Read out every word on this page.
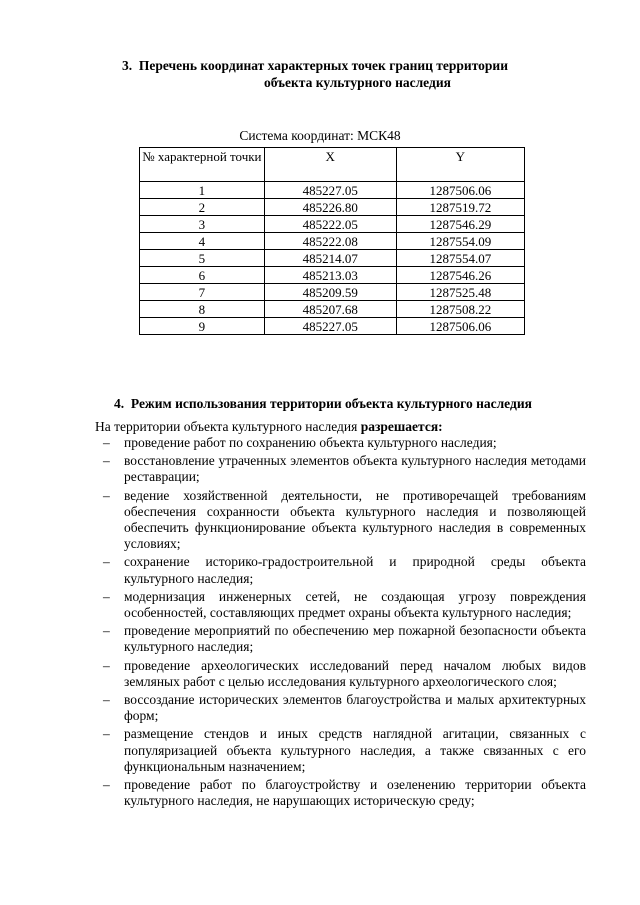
3. Перечень координат характерных точек границ территории
объекта культурного наследия
Система координат: МСК48
№ характерной точки	X	Y
1	485227.05	1287506.06
2	485226.80	1287519.72
3	485222.05	1287546.29
4	485222.08	1287554.09
5	485214.07	1287554.07
6	485213.03	1287546.26
7	485209.59	1287525.48
8	485207.68	1287508.22
9	485227.05	1287506.06
4. Режим использования территории объекта культурного наследия
На территории объекта культурного наследия разрешается:
– проведение работ по сохранению объекта культурного наследия;
– восстановление утраченных элементов объекта культурного наследия методами реставрации;
– ведение хозяйственной деятельности, не противоречащей требованиям обеспечения сохранности объекта культурного наследия и позволяющей обеспечить функционирование объекта культурного наследия в современных условиях;
– сохранение историко-градостроительной и природной среды объекта культурного наследия;
– модернизация инженерных сетей, не создающая угрозу повреждения особенностей, составляющих предмет охраны объекта культурного наследия;
– проведение мероприятий по обеспечению мер пожарной безопасности объекта культурного наследия;
– проведение археологических исследований перед началом любых видов земляных работ с целью исследования культурного археологического слоя;
– воссоздание исторических элементов благоустройства и малых архитектурных форм;
– размещение стендов и иных средств наглядной агитации, связанных с популяризацией объекта культурного наследия, а также связанных с его функциональным назначением;
– проведение работ по благоустройству и озеленению территории объекта культурного наследия, не нарушающих историческую среду;
